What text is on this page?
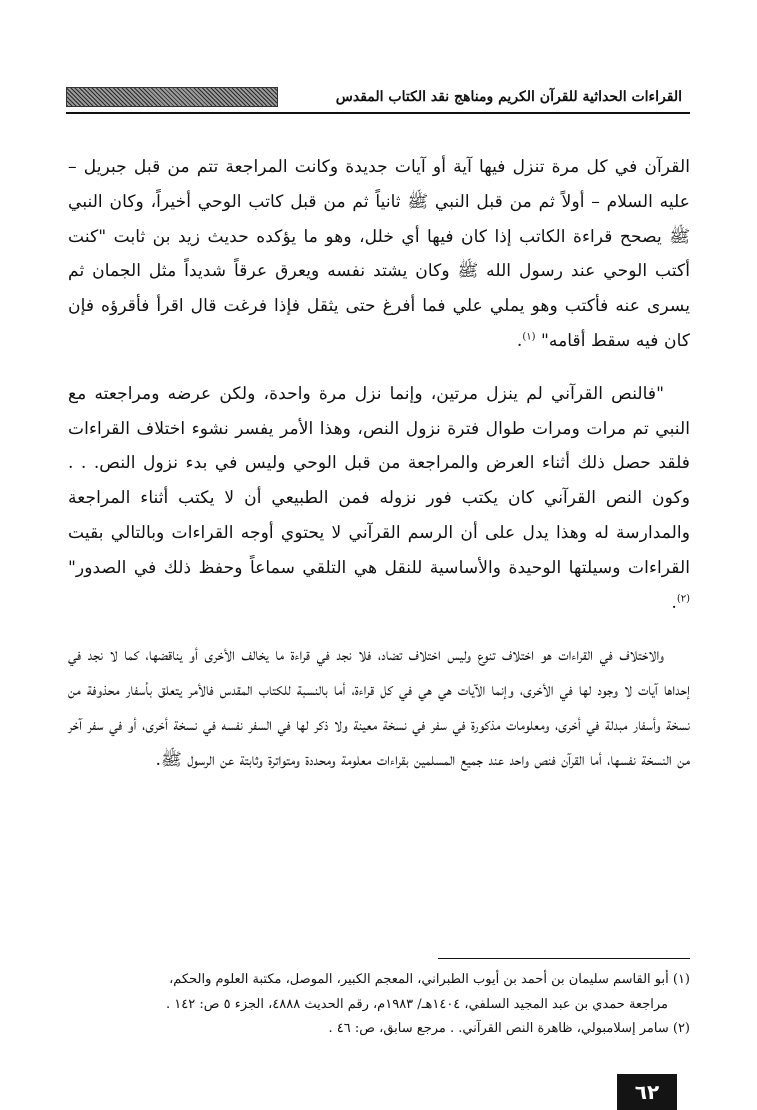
القراءات الحداثية للقرآن الكريم ومناهج نقد الكتاب المقدس

القرآن في كل مرة تنزل فيها آية أو آيات جديدة وكانت المراجعة تتم من قبل جبريل – عليه السلام – أولاً ثم من قبل النبي ﷺ ثانياً ثم من قبل كاتب الوحي أخيراً، وكان النبي ﷺ يصحح قراءة الكاتب إذا كان فيها أي خلل، وهو ما يؤكده حديث زيد بن ثابت "كنت أكتب الوحي عند رسول الله ﷺ وكان يشتد نفسه ويعرق عرقاً شديداً مثل الجمان ثم يسرى عنه فأكتب وهو يملي علي فما أفرغ حتى يثقل فإذا فرغت قال اقرأ فأقرؤه فإن كان فيه سقط أقامه" $^{(١)}$.

"فالنص القرآني لم ينزل مرتين، وإنما نزل مرة واحدة، ولكن عرضه ومراجعته مع النبي تم مرات ومرات طوال فترة نزول النص، وهذا الأمر يفسر نشوء اختلاف القراءات فلقد حصل ذلك أثناء العرض والمراجعة من قبل الوحي وليس في بدء نزول النص. . . وكون النص القرآني كان يكتب فور نزوله فمن الطبيعي أن لا يكتب أثناء المراجعة والمدارسة له وهذا يدل على أن الرسم القرآني لا يحتوي أوجه القراءات وبالتالي بقيت القراءات وسيلتها الوحيدة والأساسية للنقل هي التلقي سماعاً وحفظ ذلك في الصدور" $^{(٢)}$.

والاختلاف في القراءات هو اختلاف تنوع وليس اختلاف تضاد، فلا نجد في قراءة ما يخالف الأخرى أو يناقضها، كما لا نجد في إحداها آيات لا وجود لها في الأخرى، وإنما الآيات هي هي في كل قراءة، أما بالنسبة للكتاب المقدس فالأمر يتعلق بأسفار محذوفة من نسخة وأسفار مبدلة في أخرى، ومعلومات مذكورة في سفر في نسخة معينة ولا ذكر لها في السفر نفسه في نسخة أخرى، أو في سفر آخر من النسخة نفسها، أما القرآن فنص واحد عند جميع المسلمين بقراءات معلومة ومحددة ومتواترة وثابتة عن الرسول ﷺ.

(١) أبو القاسم سليمان بن أحمد بن أيوب الطبراني، المعجم الكبير، الموصل، مكتبة العلوم والحكم،

مراجعة حمدي بن عبد المجيد السلفي، ١٤٠٤هـ/ ١٩٨٣م، رقم الحديث ٤٨٨٨، الجزء ٥ ص: ١٤٢ .

(٢) سامر إسلامبولي، ظاهرة النص القرآني. . مرجع سابق، ص: ٤٦ .

٦٢
